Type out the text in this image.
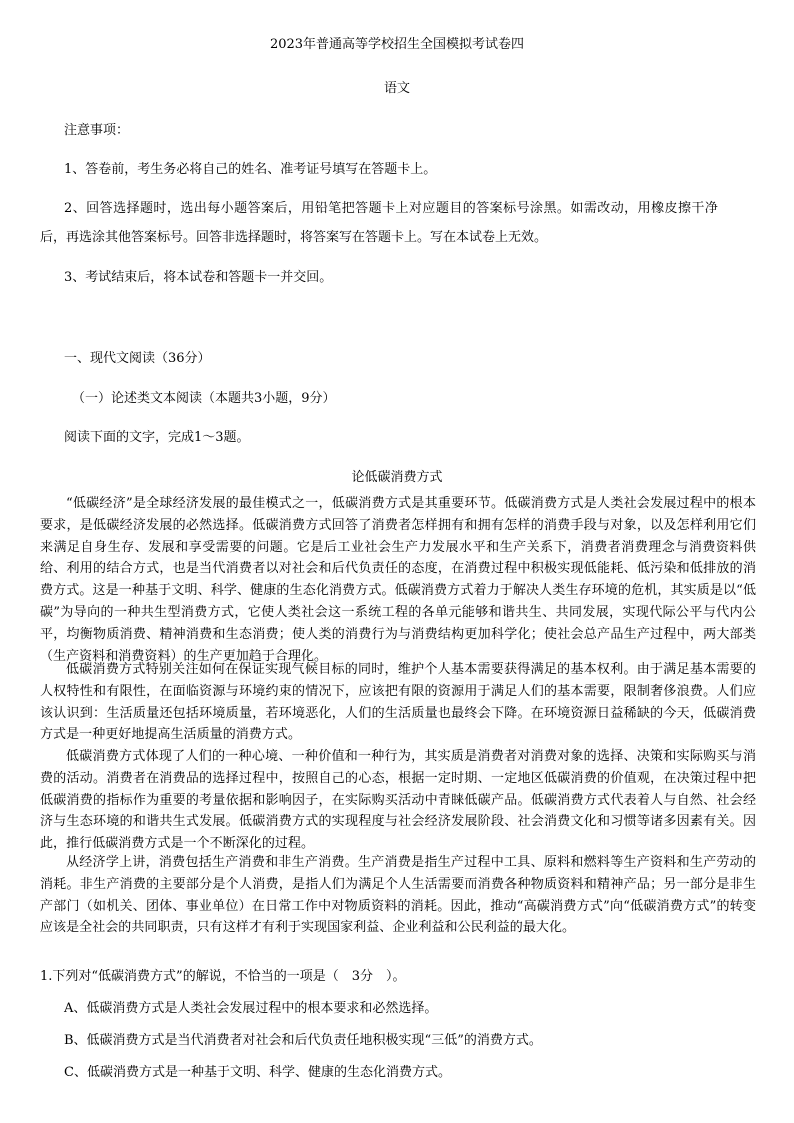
2023年普通高等学校招生全国模拟考试卷四
语文
注意事项：
1、答卷前，考生务必将自己的姓名、准考证号填写在答题卡上。
2、回答选择题时，选出每小题答案后，用铅笔把答题卡上对应题目的答案标号涂黑。如需改动，用橡皮擦干净
后，再选涂其他答案标号。回答非选择题时，将答案写在答题卡上。写在本试卷上无效。
3、考试结束后，将本试卷和答题卡一并交回。
一、现代文阅读（36分）
（一）论述类文本阅读（本题共3小题，9分）
阅读下面的文字，完成1～3题。
论低碳消费方式
“低碳经济”是全球经济发展的最佳模式之一，低碳消费方式是其重要环节。低碳消费方式是人类社会发展过程中的根本要求，是低碳经济发展的必然选择。低碳消费方式回答了消费者怎样拥有和拥有怎样的消费手段与对象，以及怎样利用它们来满足自身生存、发展和享受需要的问题。它是后工业社会生产力发展水平和生产关系下，消费者消费理念与消费资料供给、利用的结合方式，也是当代消费者以对社会和后代负责任的态度，在消费过程中积极实现低能耗、低污染和低排放的消费方式。这是一种基于文明、科学、健康的生态化消费方式。低碳消费方式着力于解决人类生存环境的危机，其实质是以“低碳”为导向的一种共生型消费方式，它使人类社会这一系统工程的各单元能够和谐共生、共同发展，实现代际公平与代内公平，均衡物质消费、精神消费和生态消费；使人类的消费行为与消费结构更加科学化；使社会总产品生产过程中，两大部类（生产资料和消费资料）的生产更加趋于合理化。
低碳消费方式特别关注如何在保证实现气候目标的同时，维护个人基本需要获得满足的基本权利。由于满足基本需要的人权特性和有限性，在面临资源与环境约束的情况下，应该把有限的资源用于满足人们的基本需要，限制奢侈浪费。人们应该认识到：生活质量还包括环境质量，若环境恶化，人们的生活质量也最终会下降。在环境资源日益稀缺的今天，低碳消费方式是一种更好地提高生活质量的消费方式。
低碳消费方式体现了人们的一种心境、一种价值和一种行为，其实质是消费者对消费对象的选择、决策和实际购买与消费的活动。消费者在消费品的选择过程中，按照自己的心态，根据一定时期、一定地区低碳消费的价值观，在决策过程中把低碳消费的指标作为重要的考量依据和影响因子，在实际购买活动中青睐低碳产品。低碳消费方式代表着人与自然、社会经济与生态环境的和谐共生式发展。低碳消费方式的实现程度与社会经济发展阶段、社会消费文化和习惯等诸多因素有关。因此，推行低碳消费方式是一个不断深化的过程。
从经济学上讲，消费包括生产消费和非生产消费。生产消费是指生产过程中工具、原料和燃料等生产资料和生产劳动的消耗。非生产消费的主要部分是个人消费，是指人们为满足个人生活需要而消费各种物质资料和精神产品；另一部分是非生产部门（如机关、团体、事业单位）在日常工作中对物质资料的消耗。因此，推动“高碳消费方式”向“低碳消费方式”的转变应该是全社会的共同职责，只有这样才有利于实现国家利益、企业利益和公民利益的最大化。
1.下列对“低碳消费方式”的解说，不恰当的一项是（　3分　）。
A、低碳消费方式是人类社会发展过程中的根本要求和必然选择。
B、低碳消费方式是当代消费者对社会和后代负责任地积极实现“三低”的消费方式。
C、低碳消费方式是一种基于文明、科学、健康的生态化消费方式。
